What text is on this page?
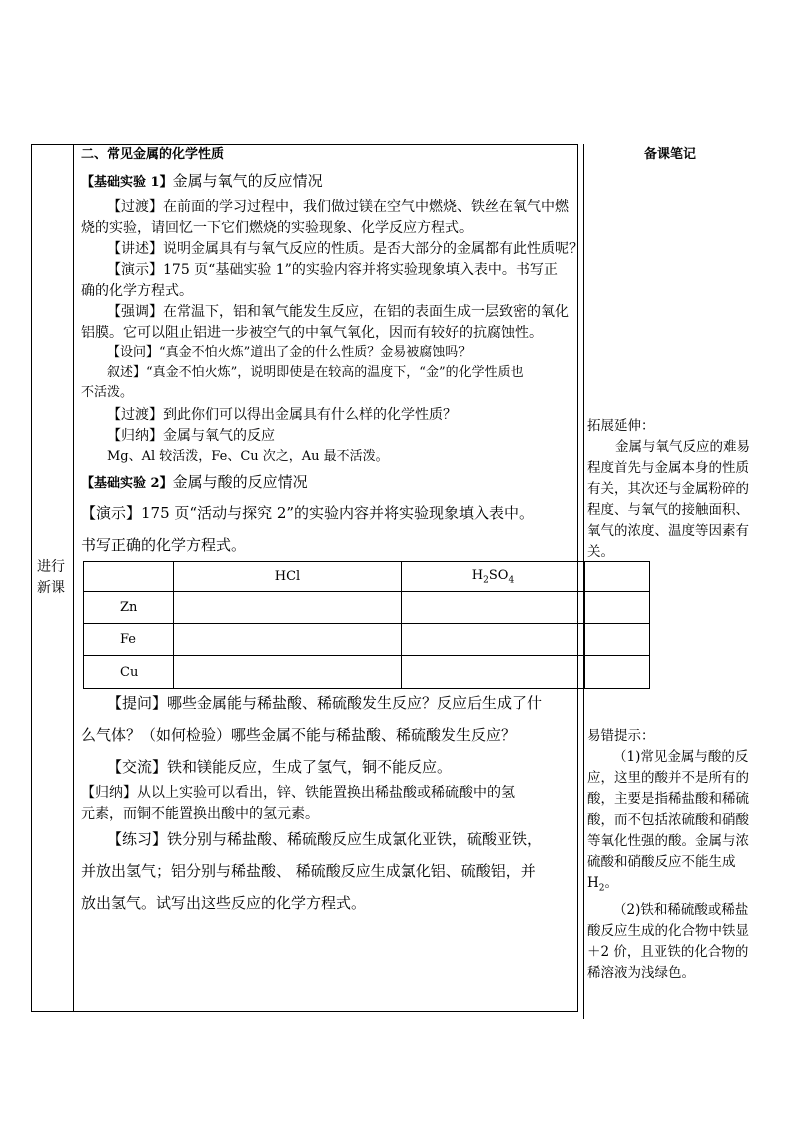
进行
新课
备课笔记
二、常见金属的化学性质
【基础实验 1】金属与氧气的反应情况
【过渡】在前面的学习过程中，我们做过镁在空气中燃烧、铁丝在氧气中燃
烧的实验，请回忆一下它们燃烧的实验现象、化学反应方程式。
【讲述】说明金属具有与氧气反应的性质。是否大部分的金属都有此性质呢？
【演示】175 页“基础实验 1”的实验内容并将实验现象填入表中。书写正
确的化学方程式。
【强调】在常温下，铝和氧气能发生反应，在铝的表面生成一层致密的氧化
铝膜。它可以阻止铝进一步被空气的中氧气氧化，因而有较好的抗腐蚀性。
【设问】“真金不怕火炼”道出了金的什么性质？金易被腐蚀吗？
叙述】“真金不怕火炼”，说明即使是在较高的温度下，“金”的化学性质也
不活泼。
【过渡】到此你们可以得出金属具有什么样的化学性质？
【归纳】金属与氧气的反应
Mg、Al 较活泼，Fe、Cu 次之，Au 最不活泼。
【基础实验 2】金属与酸的反应情况
【演示】175 页“活动与探究 2”的实验内容并将实验现象填入表中。
书写正确的化学方程式。
	HCl	$H_2SO_4$	
Zn			
Fe			
Cu			
【提问】哪些金属能与稀盐酸、稀硫酸发生反应？反应后生成了什
么气体？（如何检验）哪些金属不能与稀盐酸、稀硫酸发生反应？
【交流】铁和镁能反应，生成了氢气，铜不能反应。
【归纳】从以上实验可以看出，锌、铁能置换出稀盐酸或稀硫酸中的氢
元素，而铜不能置换出酸中的氢元素。
【练习】铁分别与稀盐酸、稀硫酸反应生成氯化亚铁，硫酸亚铁，
并放出氢气；铝分别与稀盐酸、 稀硫酸反应生成氯化铝、硫酸铝，并
放出氢气。试写出这些反应的化学方程式。
拓展延伸：
金属与氧气反应的难易
程度首先与金属本身的性质
有关，其次还与金属粉碎的
程度、与氧气的接触面积、
氧气的浓度、温度等因素有
关。
易错提示：
（1)常见金属与酸的反
应，这里的酸并不是所有的
酸，主要是指稀盐酸和稀硫
酸，而不包括浓硫酸和硝酸
等氧化性强的酸。金属与浓
硫酸和硝酸反应不能生成
$H_2$。
（2)铁和稀硫酸或稀盐
酸反应生成的化合物中铁显
＋2 价，且亚铁的化合物的
稀溶液为浅绿色。
